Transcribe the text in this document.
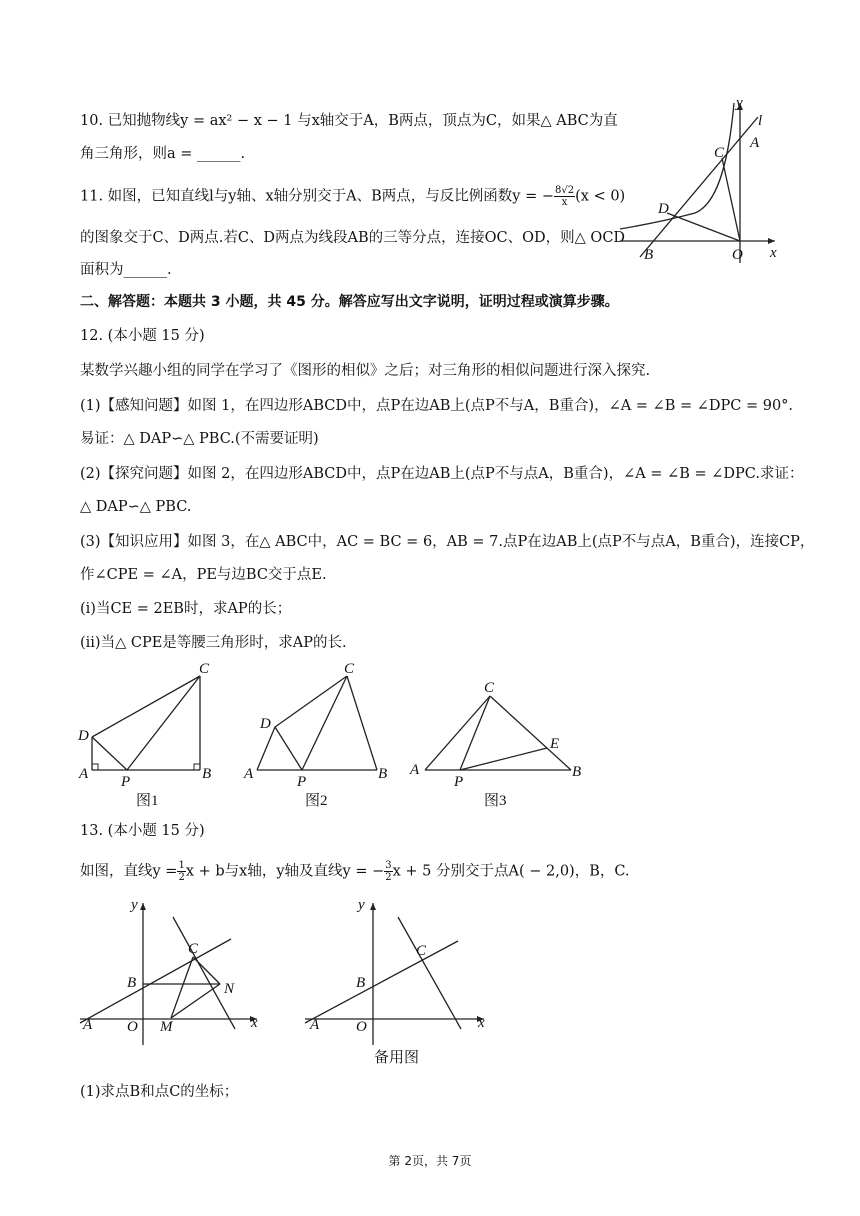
10. 已知抛物线y = ax² − x − 1 与x轴交于A，B两点，顶点为C，如果△ ABC为直
角三角形，则a = ______.
11. 如图，已知直线l与y轴、x轴分别交于A、B两点，与反比例函数y = − $\frac{8√2}{x} (x < 0)$
的图象交于C、D两点.若C、D两点为线段AB的三等分点，连接OC、OD，则△ OCD
面积为______.
y
x
l
A
B
C
D
O
二、解答题：本题共 3 小题，共 45 分。解答应写出文字说明，证明过程或演算步骤。
12. (本小题 15 分)
某数学兴趣小组的同学在学习了《图形的相似》之后；对三角形的相似问题进行深入探究.
(1)【感知问题】如图 1，在四边形ABCD中，点P在边AB上(点P不与A，B重合)，∠A = ∠B = ∠DPC = 90°.
易证：△ DAP∽△ PBC.(不需要证明)
(2)【探究问题】如图 2，在四边形ABCD中，点P在边AB上(点P不与点A，B重合)，∠A = ∠B = ∠DPC.求证：
△ DAP∽△ PBC.
(3)【知识应用】如图 3，在△ ABC中，AC = BC = 6，AB = 7.点P在边AB上(点P不与点A，B重合)，连接CP，
作∠CPE = ∠A，PE与边BC交于点E.
(i)当CE = 2EB时，求AP的长；
(ii)当△ CPE是等腰三角形时，求AP的长.
D
A P	B
C
图1
D
A	P	B
C
图2
A
P
B
C
E
图3
13. (本小题 15 分)
如图，直线$y = \frac{1}{2}$ x + b与x轴，y轴及直线y = − $\frac{3}{2}$ x + 5 分别交于点A( − 2,0)，B，C.
y
x
A
B
C
O M
N
y
x
A
B
C
O
备用图
(1)求点B和点C的坐标；
第 2页，共 7页
